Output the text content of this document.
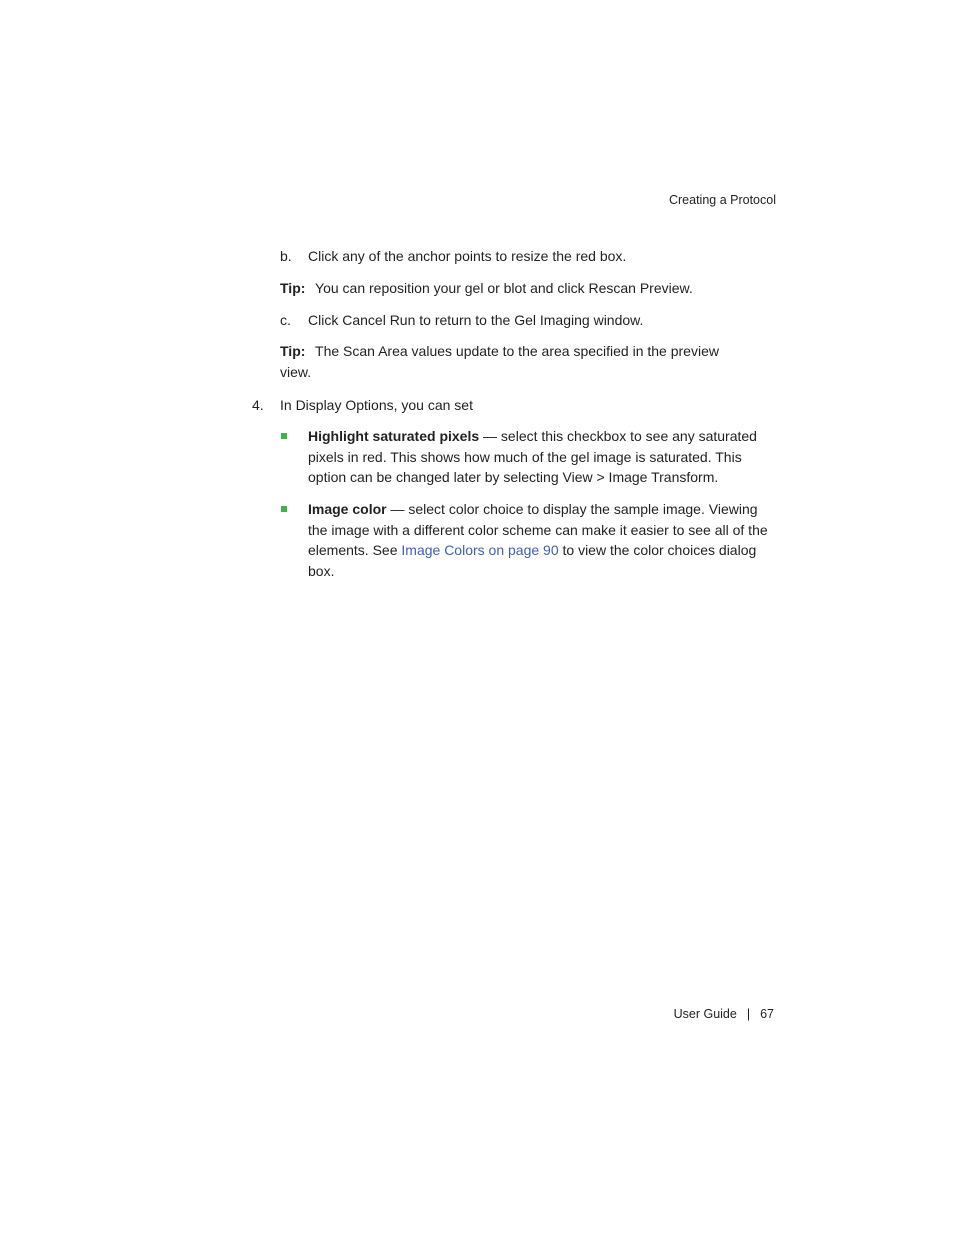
Creating a Protocol
b. Click any of the anchor points to resize the red box.
Tip: You can reposition your gel or blot and click Rescan Preview.
c. Click Cancel Run to return to the Gel Imaging window.
Tip: The Scan Area values update to the area specified in the preview view.
4. In Display Options, you can set
Highlight saturated pixels — select this checkbox to see any saturated pixels in red. This shows how much of the gel image is saturated. This option can be changed later by selecting View > Image Transform.
Image color — select color choice to display the sample image. Viewing the image with a different color scheme can make it easier to see all of the elements. See Image Colors on page 90 to view the color choices dialog box.
User Guide | 67
